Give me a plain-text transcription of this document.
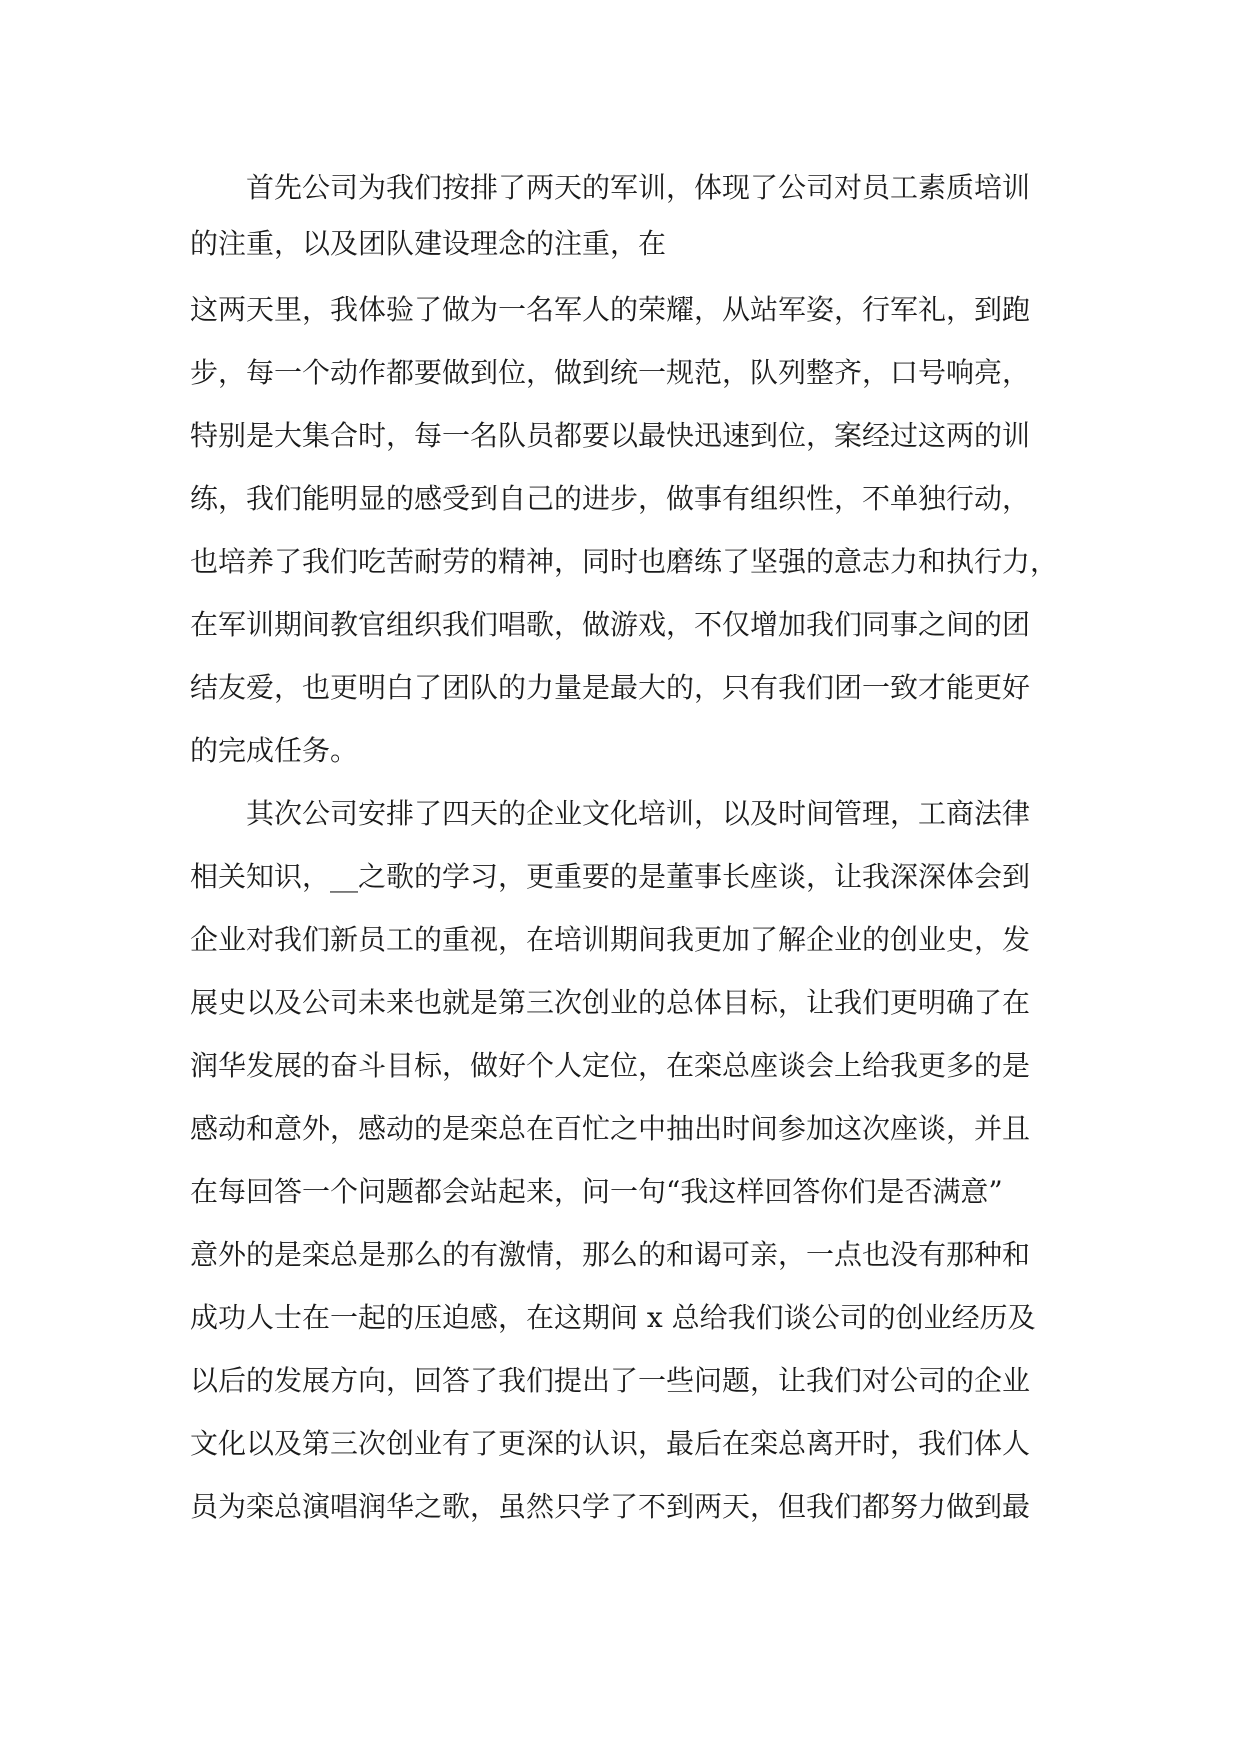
首先公司为我们按排了两天的军训，体现了公司对员工素质培训
的注重，以及团队建设理念的注重，在
这两天里，我体验了做为一名军人的荣耀，从站军姿，行军礼，到跑
步，每一个动作都要做到位，做到统一规范，队列整齐，口号响亮，
特别是大集合时，每一名队员都要以最快迅速到位，案经过这两的训
练，我们能明显的感受到自己的进步，做事有组织性，不单独行动，
也培养了我们吃苦耐劳的精神，同时也磨练了坚强的意志力和执行力，
在军训期间教官组织我们唱歌，做游戏，不仅增加我们同事之间的团
结友爱，也更明白了团队的力量是最大的，只有我们团一致才能更好
的完成任务。
其次公司安排了四天的企业文化培训，以及时间管理，工商法律
相关知识，__之歌的学习，更重要的是董事长座谈，让我深深体会到
企业对我们新员工的重视，在培训期间我更加了解企业的创业史，发
展史以及公司未来也就是第三次创业的总体目标，让我们更明确了在
润华发展的奋斗目标，做好个人定位，在栾总座谈会上给我更多的是
感动和意外，感动的是栾总在百忙之中抽出时间参加这次座谈，并且
在每回答一个问题都会站起来，问一句“我这样回答你们是否满意”
意外的是栾总是那么的有激情，那么的和谒可亲，一点也没有那种和
成功人士在一起的压迫感，在这期间 x 总给我们谈公司的创业经历及
以后的发展方向，回答了我们提出了一些问题，让我们对公司的企业
文化以及第三次创业有了更深的认识，最后在栾总离开时，我们体人
员为栾总演唱润华之歌，虽然只学了不到两天，但我们都努力做到最
